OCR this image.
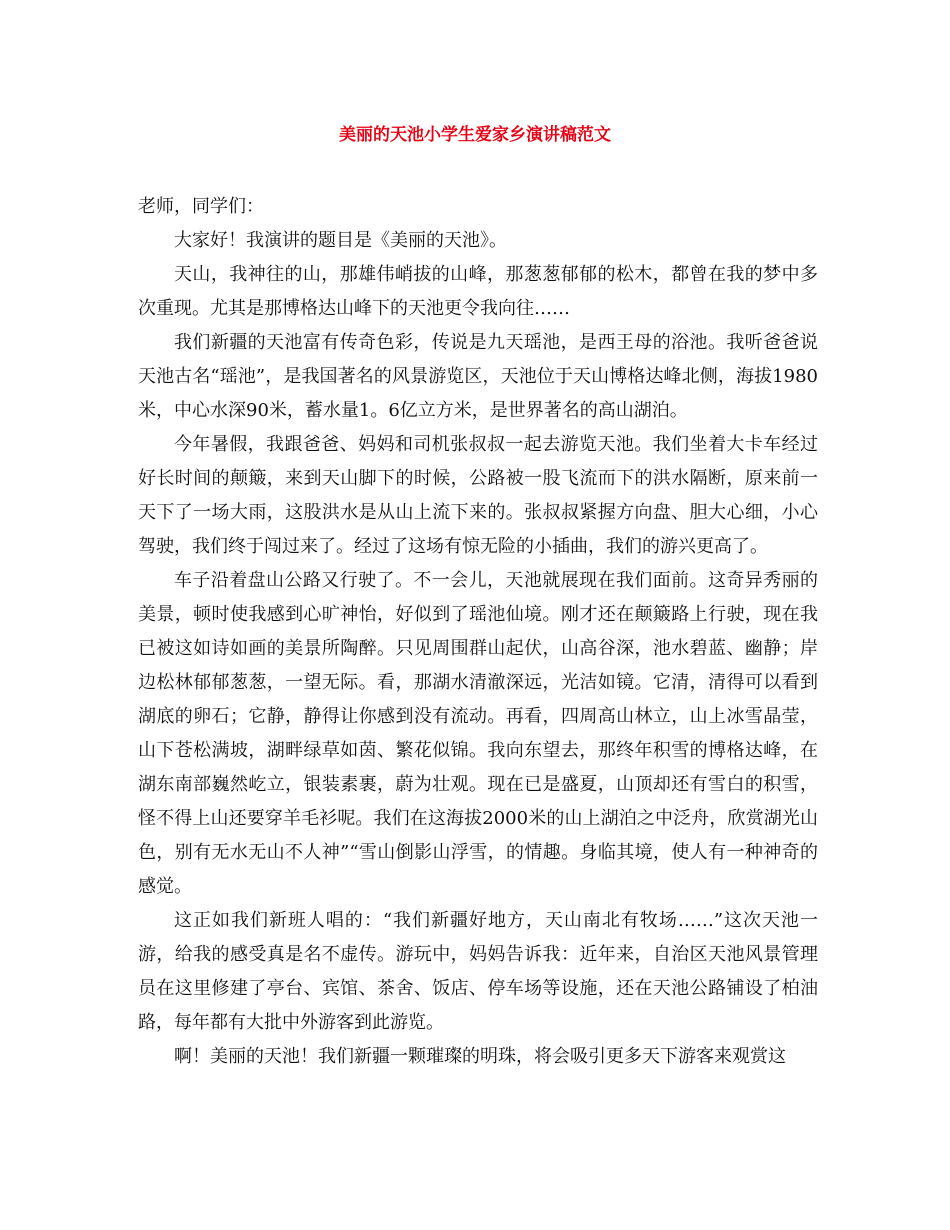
美丽的天池小学生爱家乡演讲稿范文

老师，同学们：

大家好！我演讲的题目是《美丽的天池》。

天山，我神往的山，那雄伟峭拔的山峰，那葱葱郁郁的松木，都曾在我的梦中多次重现。尤其是那博格达山峰下的天池更令我向往……

我们新疆的天池富有传奇色彩，传说是九天瑶池，是西王母的浴池。我听爸爸说天池古名“瑶池”，是我国著名的风景游览区，天池位于天山博格达峰北侧，海拔1980米，中心水深90米，蓄水量1。6亿立方米，是世界著名的高山湖泊。

今年暑假，我跟爸爸、妈妈和司机张叔叔一起去游览天池。我们坐着大卡车经过好长时间的颠簸，来到天山脚下的时候，公路被一股飞流而下的洪水隔断，原来前一天下了一场大雨，这股洪水是从山上流下来的。张叔叔紧握方向盘、胆大心细，小心驾驶，我们终于闯过来了。经过了这场有惊无险的小插曲，我们的游兴更高了。

车子沿着盘山公路又行驶了。不一会儿，天池就展现在我们面前。这奇异秀丽的美景，顿时使我感到心旷神怡，好似到了瑶池仙境。刚才还在颠簸路上行驶，现在我已被这如诗如画的美景所陶醉。只见周围群山起伏，山高谷深，池水碧蓝、幽静；岸边松林郁郁葱葱，一望无际。看，那湖水清澈深远，光洁如镜。它清，清得可以看到湖底的卵石；它静，静得让你感到没有流动。再看，四周高山林立，山上冰雪晶莹，山下苍松满坡，湖畔绿草如茵、繁花似锦。我向东望去，那终年积雪的博格达峰，在湖东南部巍然屹立，银装素裹，蔚为壮观。现在已是盛夏，山顶却还有雪白的积雪，怪不得上山还要穿羊毛衫呢。我们在这海拔2000米的山上湖泊之中泛舟，欣赏湖光山色，别有无水无山不人神”“雪山倒影山浮雪，的情趣。身临其境，使人有一种神奇的感觉。

这正如我们新班人唱的：“我们新疆好地方，天山南北有牧场……”这次天池一游，给我的感受真是名不虚传。游玩中，妈妈告诉我：近年来，自治区天池风景管理员在这里修建了亭台、宾馆、茶舍、饭店、停车场等设施，还在天池公路铺设了柏油路，每年都有大批中外游客到此游览。

啊！美丽的天池！我们新疆一颗璀璨的明珠，将会吸引更多天下游客来观赏这
